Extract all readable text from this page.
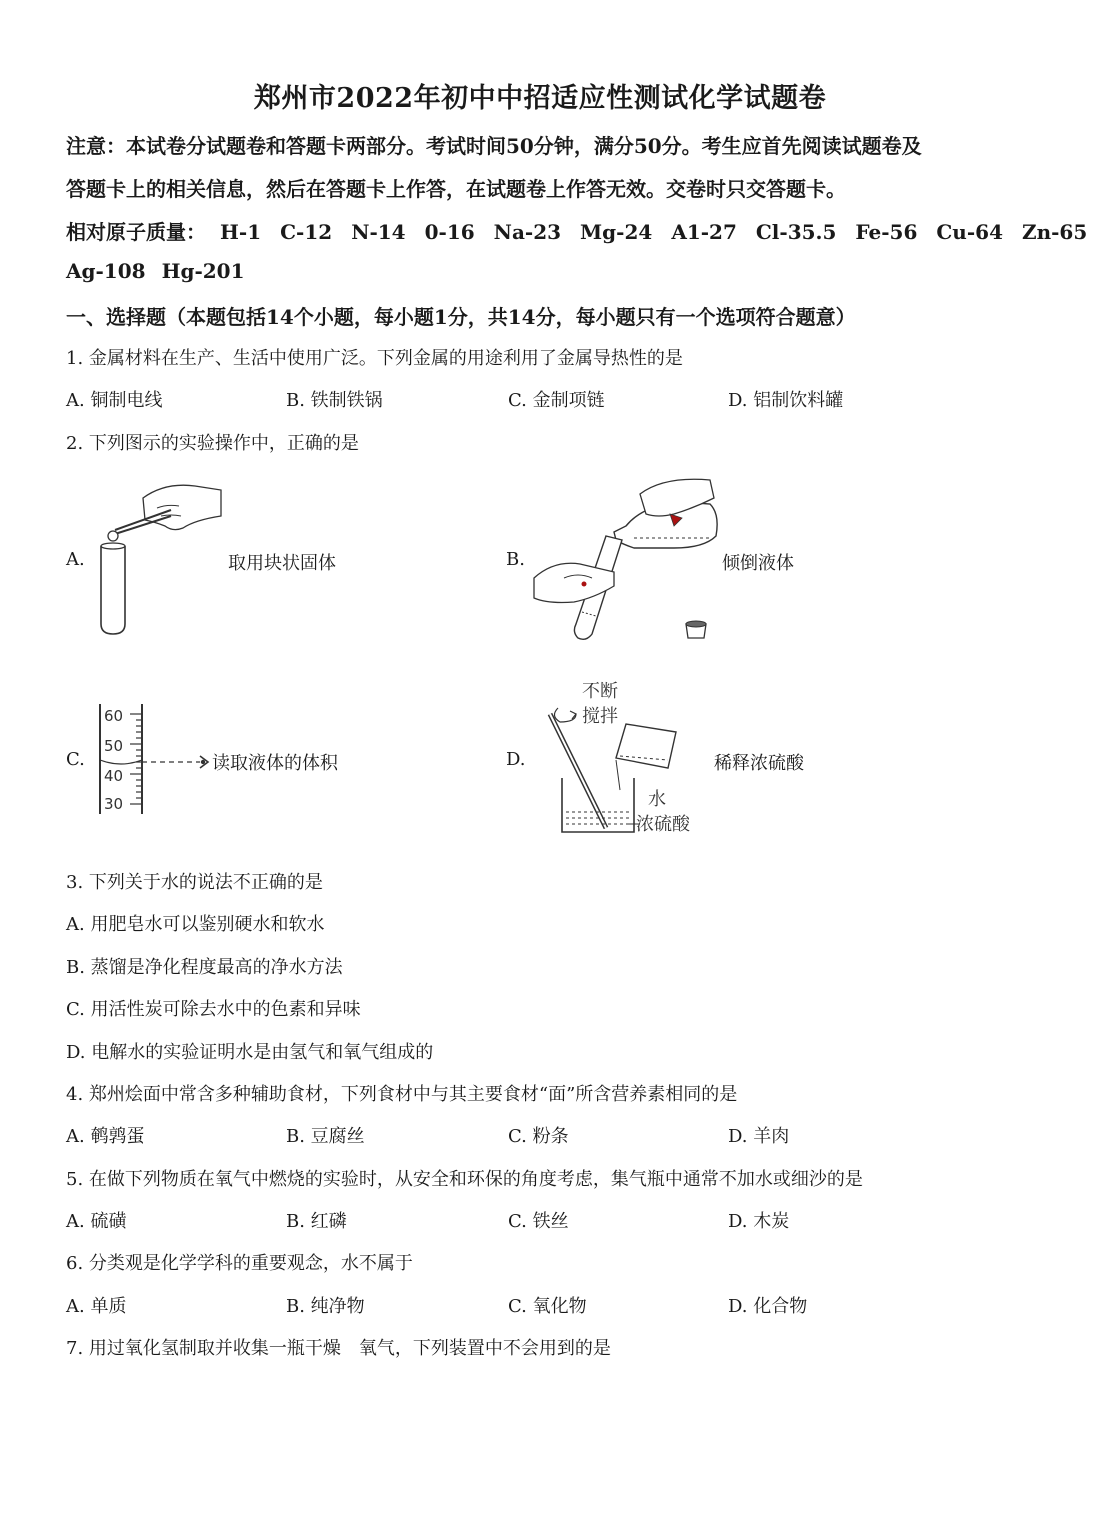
郑州市2022年初中中招适应性测试化学试题卷
注意：本试卷分试题卷和答题卡两部分。考试时间50分钟，满分50分。考生应首先阅读试题卷及
答题卡上的相关信息，然后在答题卡上作答，在试题卷上作答无效。交卷时只交答题卡。
相对原子质量： H-1 C-12 N-14 0-16 Na-23 Mg-24 A1-27 Cl-35.5 Fe-56 Cu-64 Zn-65
Ag-108 Hg-201
一、选择题（本题包括14个小题，每小题1分，共14分，每小题只有一个选项符合题意）
1. 金属材料在生产、生活中使用广泛。下列金属的用途利用了金属导热性的是
A. 铜制电线	B. 铁制铁锅	C. 金制项链	D. 铝制饮料罐
2. 下列图示的实验操作中，正确的是
A.	取用块状固体	B.	倾倒液体
C.
60
50
40
30
读取液体的体积	D.
不断
搅拌
水
浓硫酸
稀释浓硫酸
3. 下列关于水的说法不正确的是
A. 用肥皂水可以鉴别硬水和软水
B. 蒸馏是净化程度最高的净水方法
C. 用活性炭可除去水中的色素和异味
D. 电解水的实验证明水是由氢气和氧气组成的
4. 郑州烩面中常含多种辅助食材，下列食材中与其主要食材“面”所含营养素相同的是
A. 鹌鹑蛋	B. 豆腐丝	C. 粉条	D. 羊肉
5. 在做下列物质在氧气中燃烧的实验时，从安全和环保的角度考虑，集气瓶中通常不加水或细沙的是
A. 硫磺	B. 红磷	C. 铁丝	D. 木炭
6. 分类观是化学学科的重要观念，水不属于
A. 单质	B. 纯净物	C. 氧化物	D. 化合物
7. 用过氧化氢制取并收集一瓶干燥　氧气，下列装置中不会用到的是
